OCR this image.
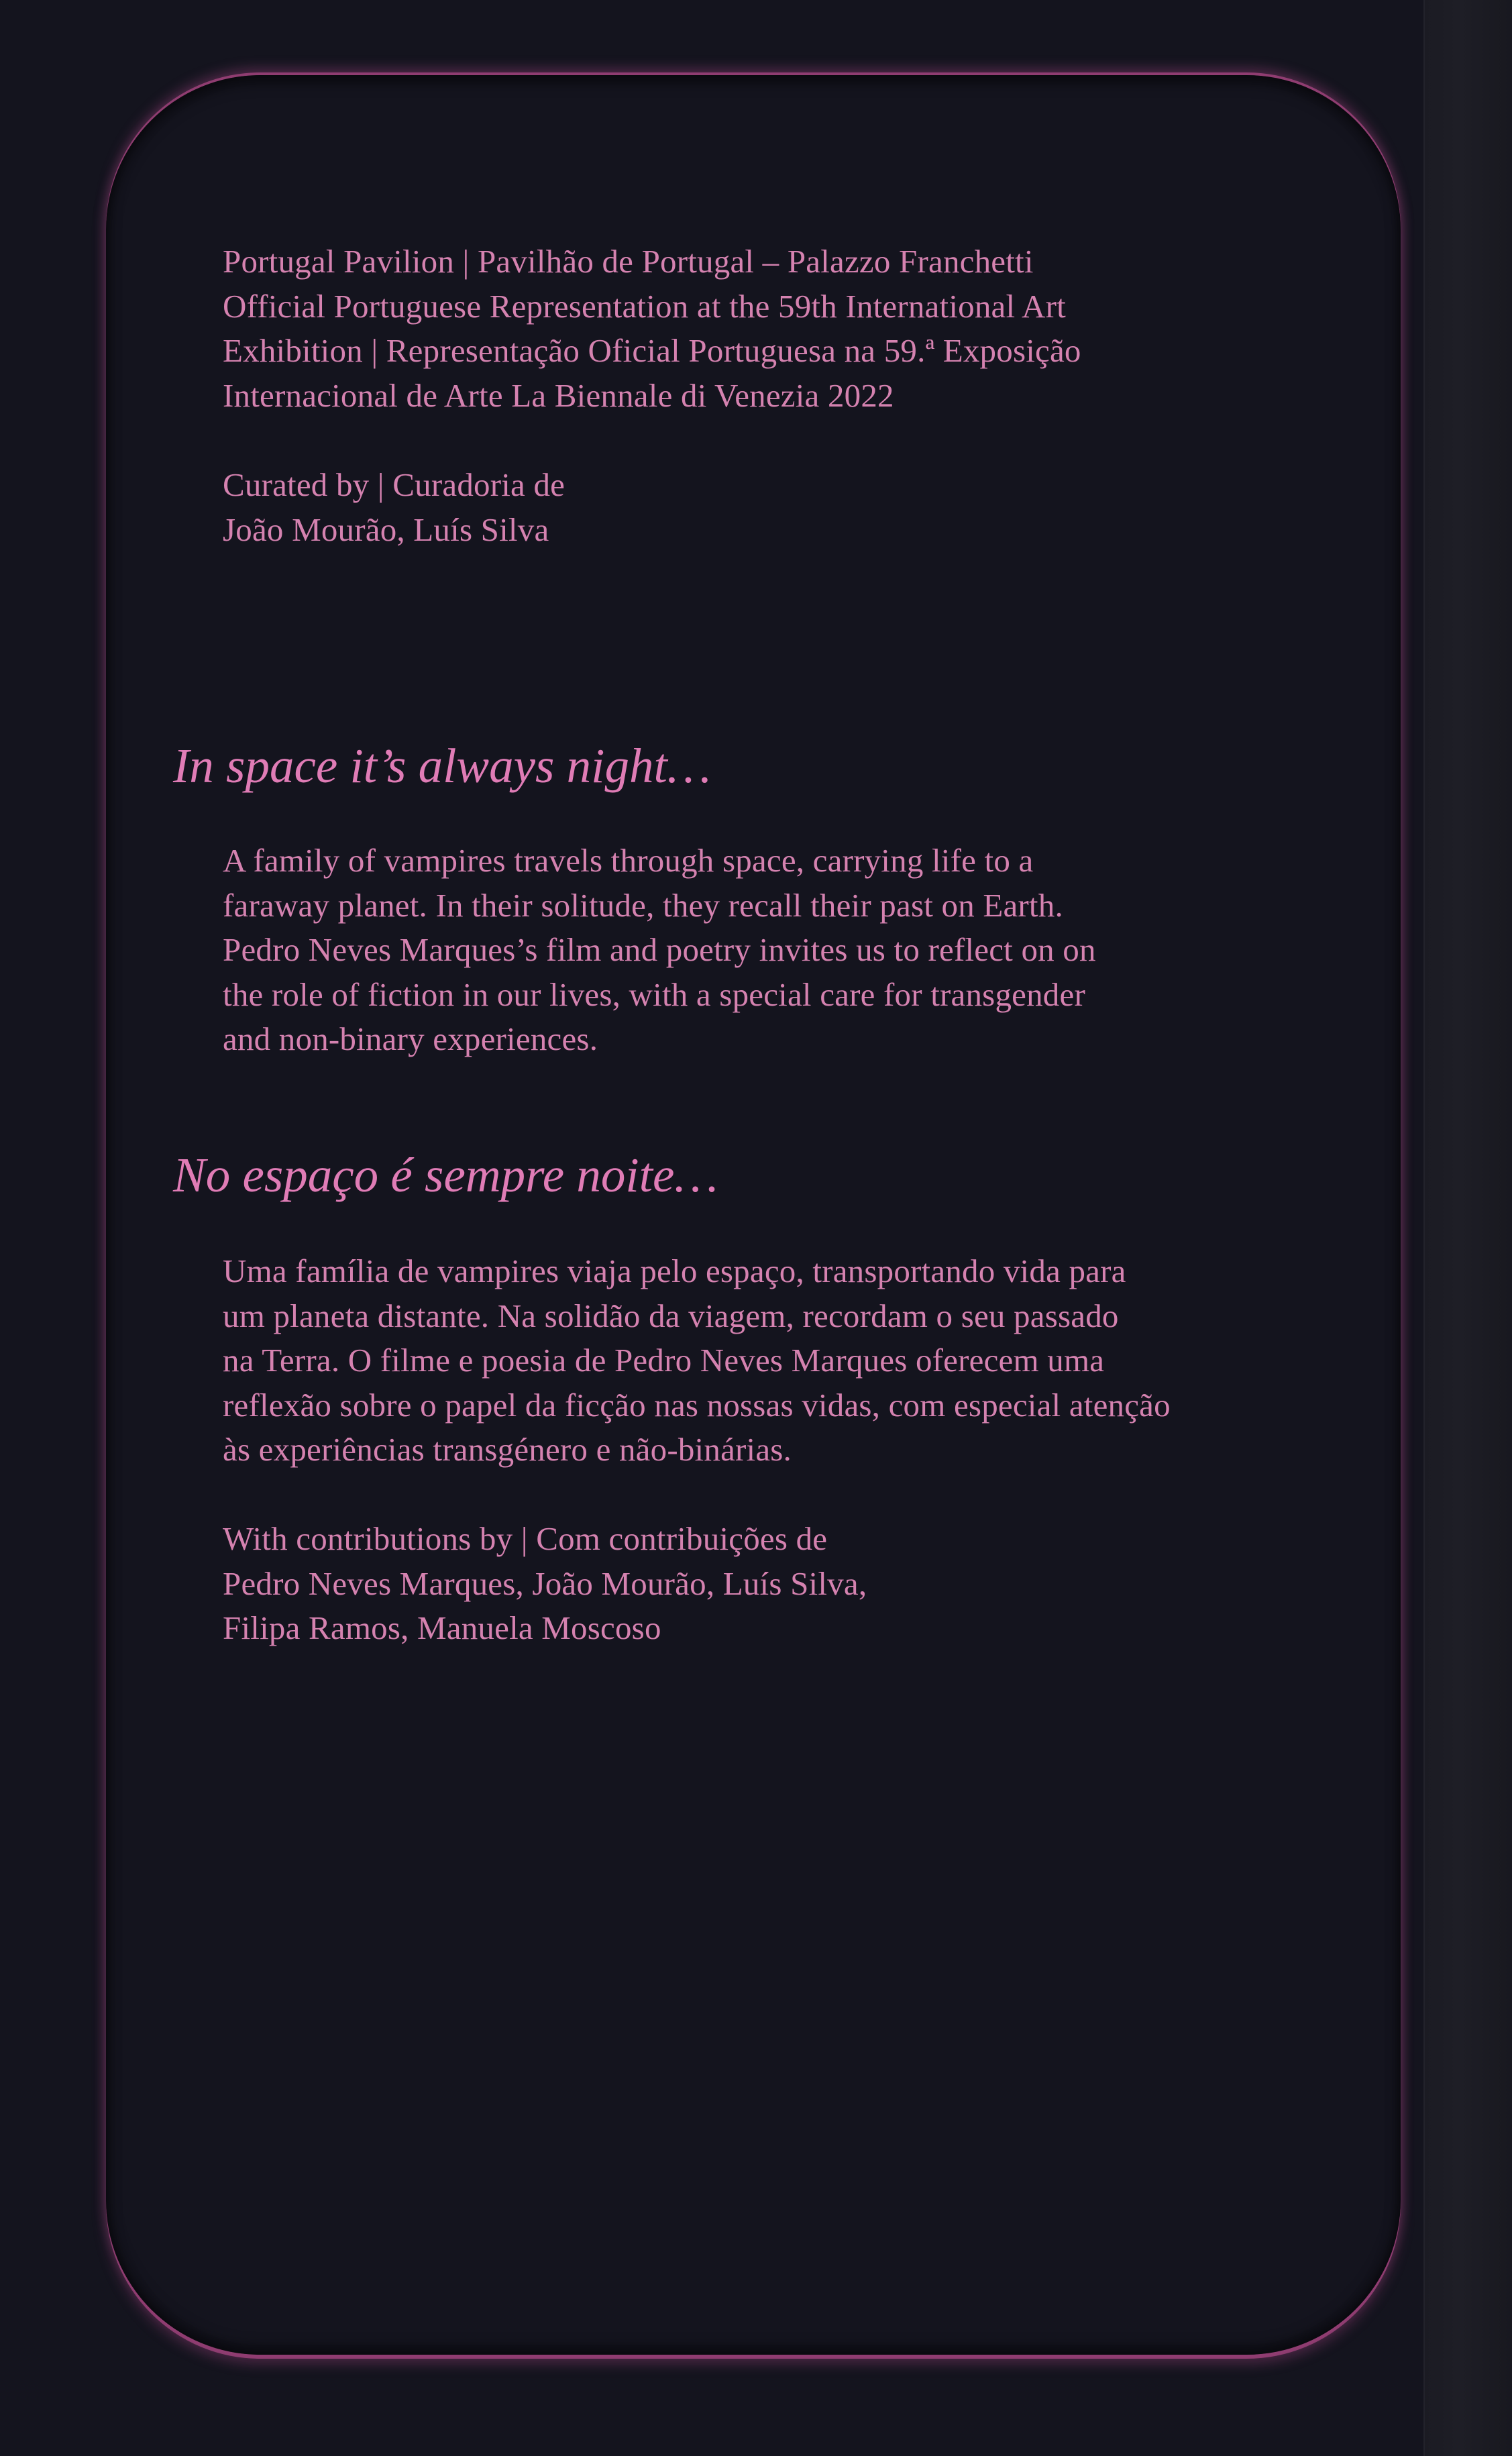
Portugal Pavilion | Pavilhão de Portugal – Palazzo Franchetti
Official Portuguese Representation at the 59th International Art
Exhibition | Representação Oficial Portuguesa na 59.ª Exposição
Internacional de Arte La Biennale di Venezia 2022
Curated by | Curadoria de
João Mourão, Luís Silva
In space it’s always night…
A family of vampires travels through space, carrying life to a
faraway planet. In their solitude, they recall their past on Earth.
Pedro Neves Marques’s film and poetry invites us to reflect on on
the role of fiction in our lives, with a special care for transgender
and non-binary experiences.
No espaço é sempre noite…
Uma família de vampires viaja pelo espaço, transportando vida para
um planeta distante. Na solidão da viagem, recordam o seu passado
na Terra. O filme e poesia de Pedro Neves Marques oferecem uma
reflexão sobre o papel da ficção nas nossas vidas, com especial atenção
às experiências transgénero e não-binárias.
With contributions by | Com contribuições de
Pedro Neves Marques, João Mourão, Luís Silva,
Filipa Ramos, Manuela Moscoso
